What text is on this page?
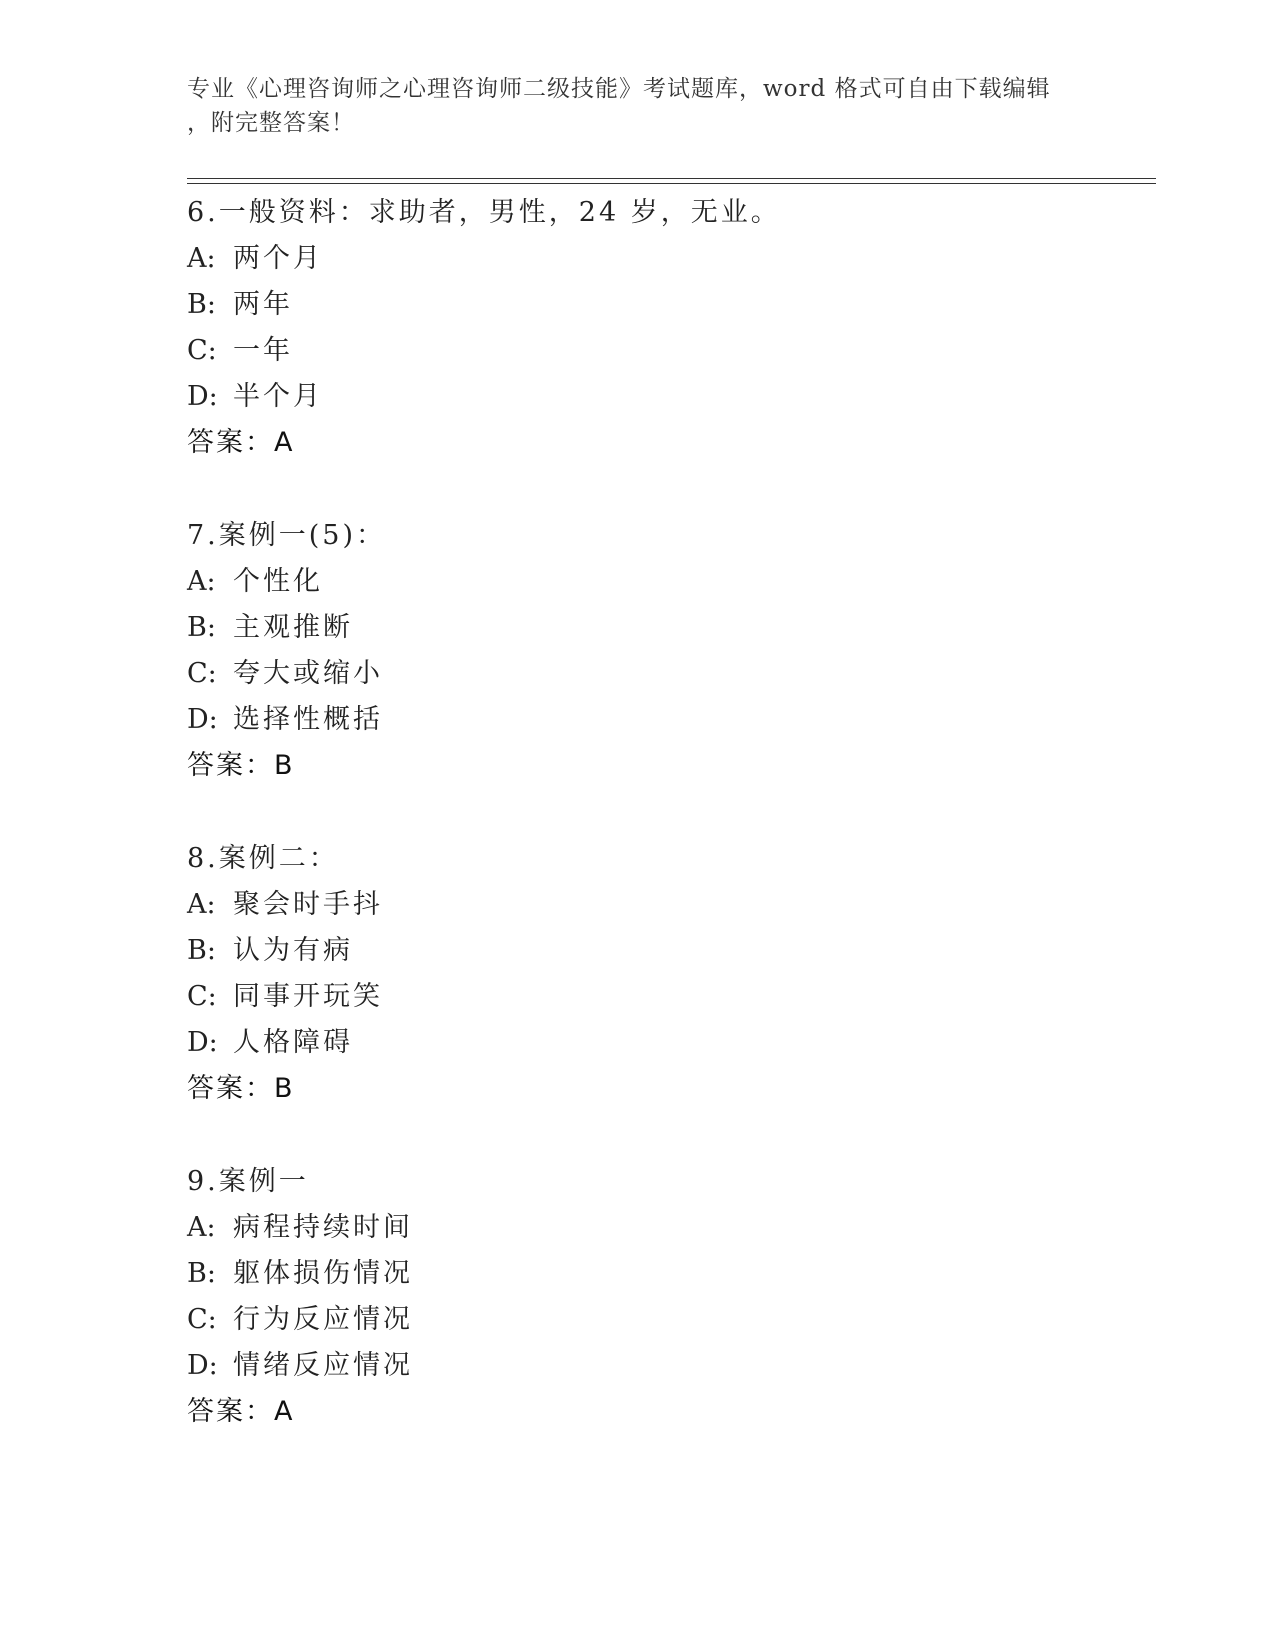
专业《心理咨询师之心理咨询师二级技能》考试题库，word 格式可自由下载编辑
，附完整答案！
6.一般资料：求助者，男性，24 岁，无业。
A: 两个月
B: 两年
C: 一年
D: 半个月
答案：A
7.案例一(5)：
A: 个性化
B: 主观推断
C: 夸大或缩小
D: 选择性概括
答案：B
8.案例二：
A: 聚会时手抖
B: 认为有病
C: 同事开玩笑
D: 人格障碍
答案：B
9.案例一
A: 病程持续时间
B: 躯体损伤情况
C: 行为反应情况
D: 情绪反应情况
答案：A
